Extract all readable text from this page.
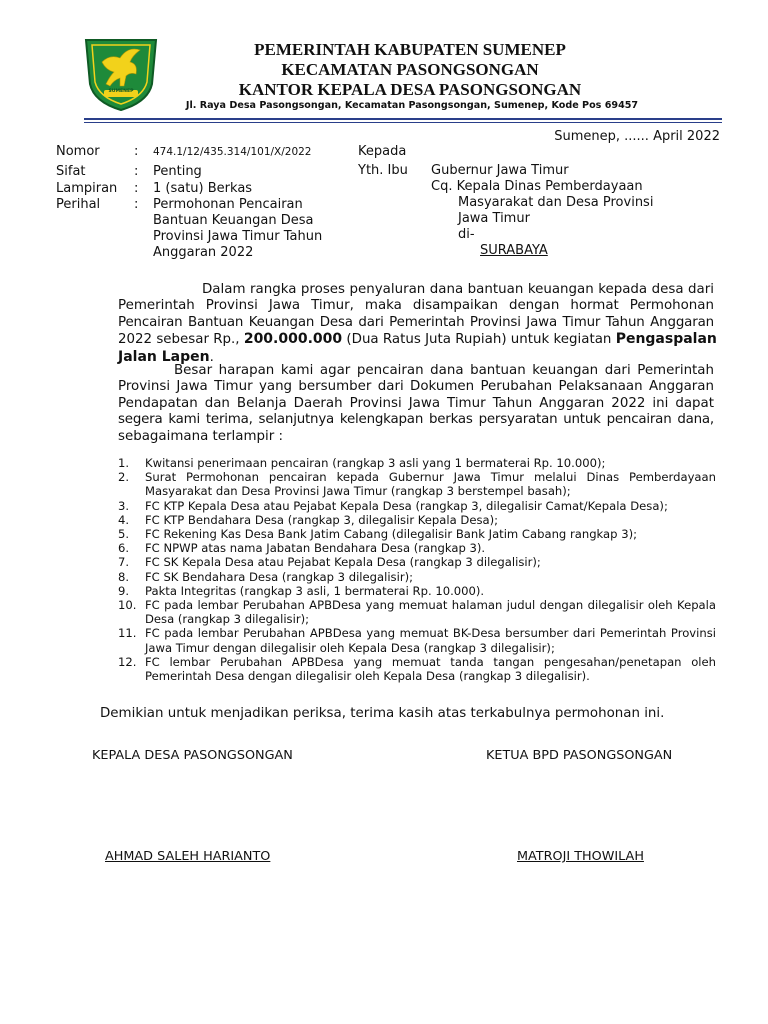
SUMENEP
PEMERINTAH KABUPATEN SUMENEP
KECAMATAN PASONGSONGAN
KANTOR KEPALA DESA PASONGSONGAN
Jl. Raya Desa Pasongsongan, Kecamatan Pasongsongan, Sumenep, Kode Pos 69457
Sumenep, ...... April 2022
Nomor	: 474.1/12/435.314/101/X/2022
Sifat	: Penting
Lampiran : 1 (satu) Berkas
Perihal	: Permohonan Pencairan
Bantuan Keuangan Desa
Provinsi Jawa Timur Tahun
Anggaran 2022
Kepada
Yth. Ibu Gubernur Jawa Timur
Cq. Kepala Dinas Pemberdayaan
Masyarakat dan Desa Provinsi
Jawa Timur
di-
SURABAYA
Dalam rangka proses penyaluran dana bantuan keuangan kepada desa dari
Pemerintah Provinsi Jawa Timur, maka disampaikan dengan hormat Permohonan
Pencairan Bantuan Keuangan Desa dari Pemerintah Provinsi Jawa Timur Tahun Anggaran
2022 sebesar Rp., 200.000.000 (Dua Ratus Juta Rupiah) untuk kegiatan Pengaspalan
Jalan Lapen.
Besar harapan kami agar pencairan dana bantuan keuangan dari Pemerintah
Provinsi Jawa Timur yang bersumber dari Dokumen Perubahan Pelaksanaan Anggaran
Pendapatan dan Belanja Daerah Provinsi Jawa Timur Tahun Anggaran 2022 ini dapat
segera kami terima, selanjutnya kelengkapan berkas persyaratan untuk pencairan dana,
sebagaimana terlampir :
1. Kwitansi penerimaan pencairan (rangkap 3 asli yang 1 bermaterai Rp. 10.000);
2. Surat Permohonan pencairan kepada Gubernur Jawa Timur melalui Dinas Pemberdayaan Masyarakat dan Desa Provinsi Jawa Timur (rangkap 3 berstempel basah);
3. FC KTP Kepala Desa atau Pejabat Kepala Desa (rangkap 3, dilegalisir Camat/Kepala Desa);
4. FC KTP Bendahara Desa (rangkap 3, dilegalisir Kepala Desa);
5. FC Rekening Kas Desa Bank Jatim Cabang (dilegalisir Bank Jatim Cabang rangkap 3);
6. FC NPWP atas nama Jabatan Bendahara Desa (rangkap 3).
7. FC SK Kepala Desa atau Pejabat Kepala Desa (rangkap 3 dilegalisir);
8. FC SK Bendahara Desa (rangkap 3 dilegalisir);
9. Pakta Integritas (rangkap 3 asli, 1 bermaterai Rp. 10.000).
10. FC pada lembar Perubahan APBDesa yang memuat halaman judul dengan dilegalisir oleh Kepala Desa (rangkap 3 dilegalisir);
11. FC pada lembar Perubahan APBDesa yang memuat BK-Desa bersumber dari Pemerintah Provinsi Jawa Timur dengan dilegalisir oleh Kepala Desa (rangkap 3 dilegalisir);
12. FC lembar Perubahan APBDesa yang memuat tanda tangan pengesahan/penetapan oleh Pemerintah Desa dengan dilegalisir oleh Kepala Desa (rangkap 3 dilegalisir).
Demikian untuk menjadikan periksa, terima kasih atas terkabulnya permohonan ini.
KEPALA DESA PASONGSONGAN	KETUA BPD PASONGSONGAN
AHMAD SALEH HARIANTO	MATROJI THOWILAH
